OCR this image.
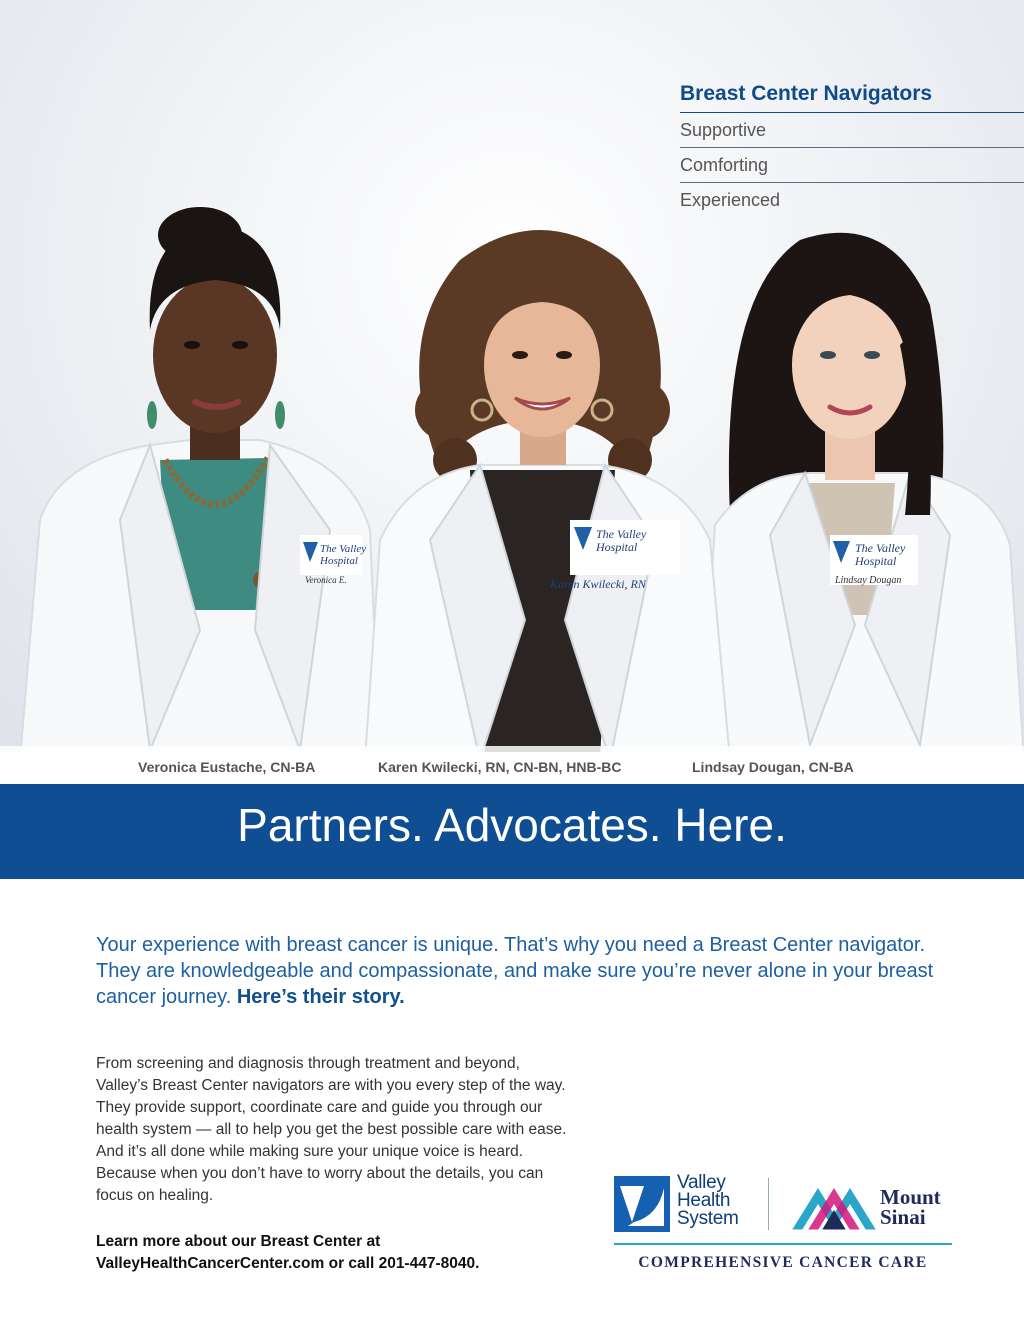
The Valley
Hospital
Veronica E.
The Valley
Hospital
Lindsay Dougan
The Valley
Hospital
Karen Kwilecki, RN
Breast Center Navigators
Supportive
Comforting
Experienced
Veronica Eustache, CN-BA	Karen Kwilecki, RN, CN-BN, HNB-BC	Lindsay Dougan, CN-BA
Partners. Advocates. Here.
Your experience with breast cancer is unique. That’s why you need a Breast Center navigator. They are knowledgeable and compassionate, and make sure you’re never alone in your breast cancer journey. Here’s their story.
From screening and diagnosis through treatment and beyond, Valley’s Breast Center navigators are with you every step of the way. They provide support, coordinate care and guide you through our health system — all to help you get the best possible care with ease. And it’s all done while making sure your unique voice is heard. Because when you don’t have to worry about the details, you can focus on healing.
Learn more about our Breast Center at
ValleyHealthCancerCenter.com or call 201-447-8040.
Valley
Health
System
Mount
Sinai
COMPREHENSIVE CANCER CARE
